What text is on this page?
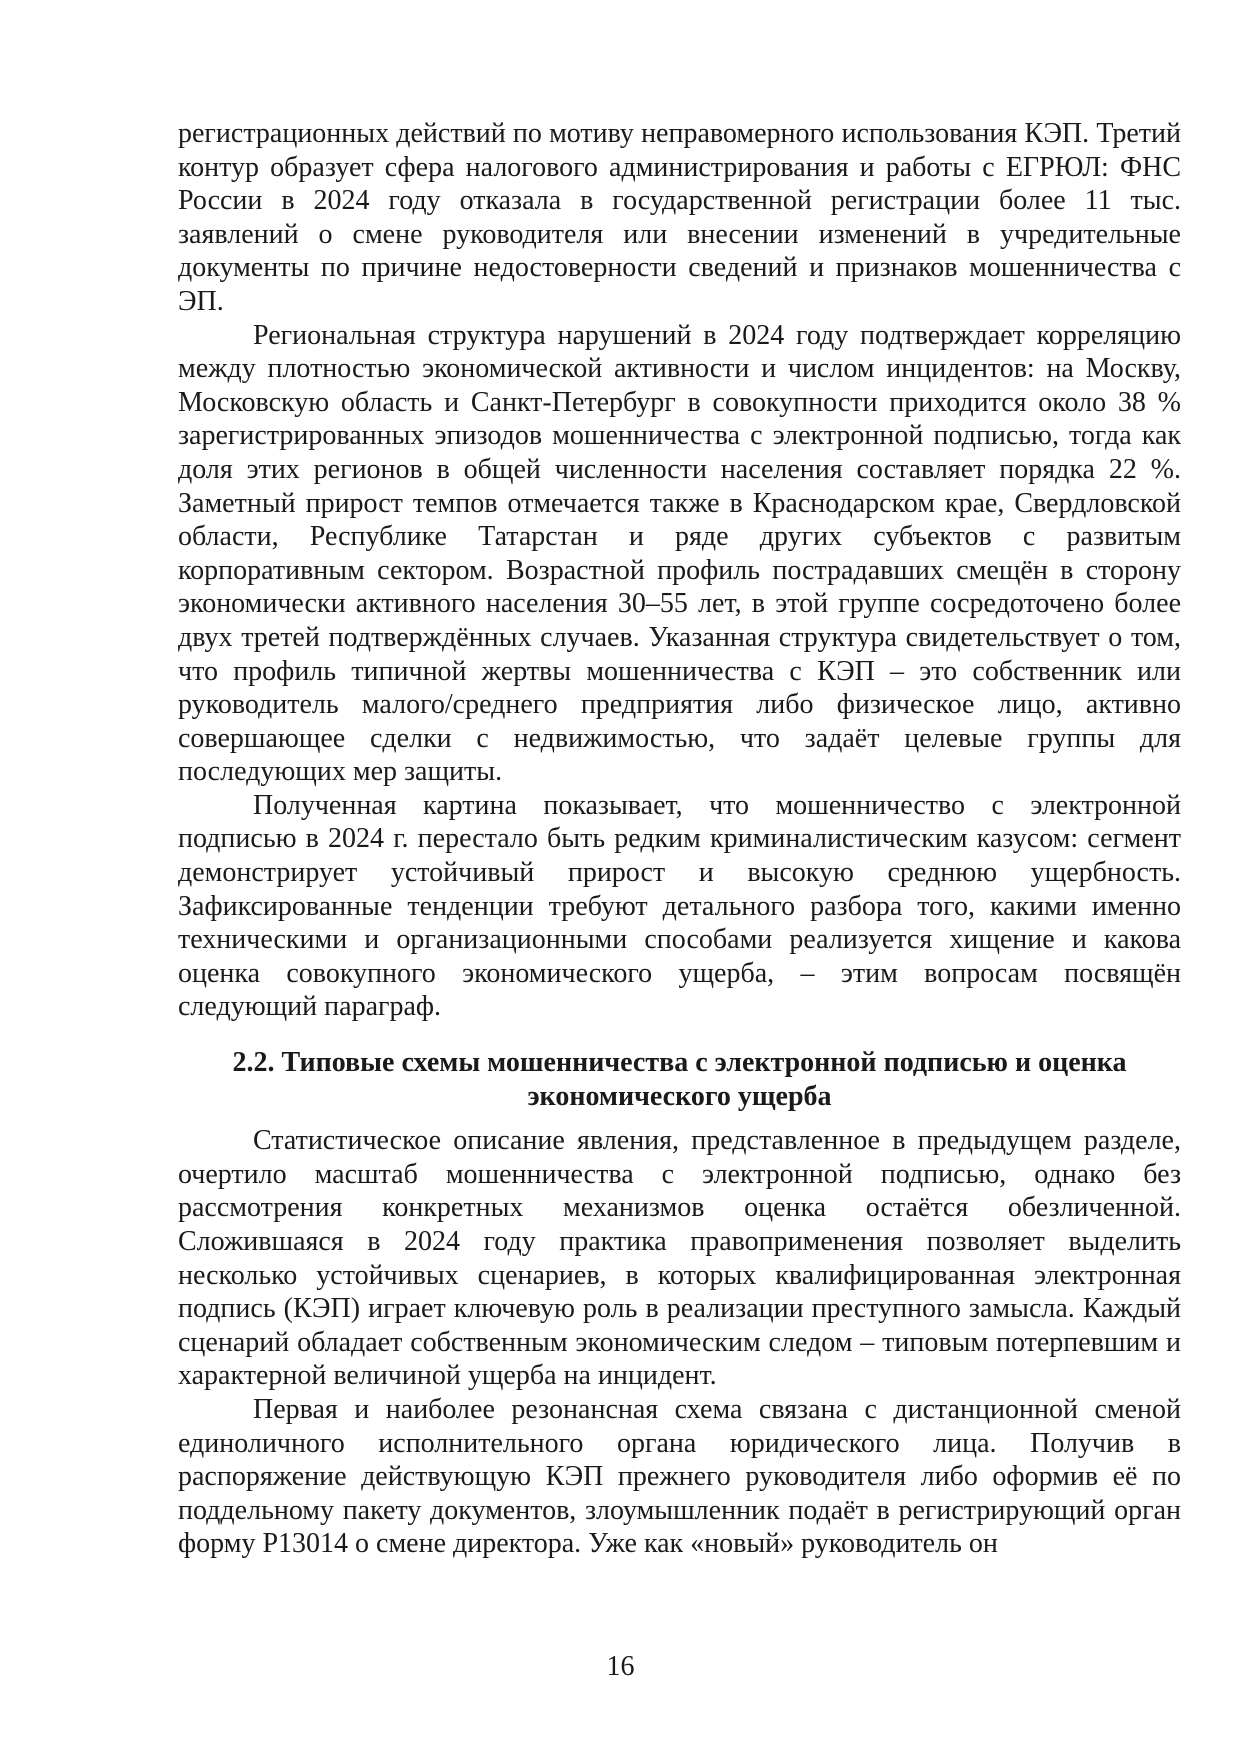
регистрационных действий по мотиву неправомерного использования КЭП. Третий контур образует сфера налогового администрирования и работы с ЕГРЮЛ: ФНС России в 2024 году отказала в государственной регистрации более 11 тыс. заявлений о смене руководителя или внесении изменений в учредительные документы по причине недостоверности сведений и признаков мошенничества с ЭП.

Региональная структура нарушений в 2024 году подтверждает корреляцию между плотностью экономической активности и числом инцидентов: на Москву, Московскую область и Санкт-Петербург в совокупности приходится около 38 % зарегистрированных эпизодов мошенничества с электронной подписью, тогда как доля этих регионов в общей численности населения составляет порядка 22 %. Заметный прирост темпов отмечается также в Краснодарском крае, Свердловской области, Республике Татарстан и ряде других субъектов с развитым корпоративным сектором. Возрастной профиль пострадавших смещён в сторону экономически активного населения 30–55 лет, в этой группе сосредоточено более двух третей подтверждённых случаев. Указанная структура свидетельствует о том, что профиль типичной жертвы мошенничества с КЭП – это собственник или руководитель малого/среднего предприятия либо физическое лицо, активно совершающее сделки с недвижимостью, что задаёт целевые группы для последующих мер защиты.

Полученная картина показывает, что мошенничество с электронной подписью в 2024 г. перестало быть редким криминалистическим казусом: сегмент демонстрирует устойчивый прирост и высокую среднюю ущербность. Зафиксированные тенденции требуют детального разбора того, какими именно техническими и организационными способами реализуется хищение и какова оценка совокупного экономического ущерба, – этим вопросам посвящён следующий параграф.

2.2. Типовые схемы мошенничества с электронной подписью и оценка экономического ущерба

Статистическое описание явления, представленное в предыдущем разделе, очертило масштаб мошенничества с электронной подписью, однако без рассмотрения конкретных механизмов оценка остаётся обезличенной. Сложившаяся в 2024 году практика правоприменения позволяет выделить несколько устойчивых сценариев, в которых квалифицированная электронная подпись (КЭП) играет ключевую роль в реализации преступного замысла. Каждый сценарий обладает собственным экономическим следом – типовым потерпевшим и характерной величиной ущерба на инцидент.

Первая и наиболее резонансная схема связана с дистанционной сменой единоличного исполнительного органа юридического лица. Получив в распоряжение действующую КЭП прежнего руководителя либо оформив её по поддельному пакету документов, злоумышленник подаёт в регистрирующий орган форму Р13014 о смене директора. Уже как «новый» руководитель он

16
